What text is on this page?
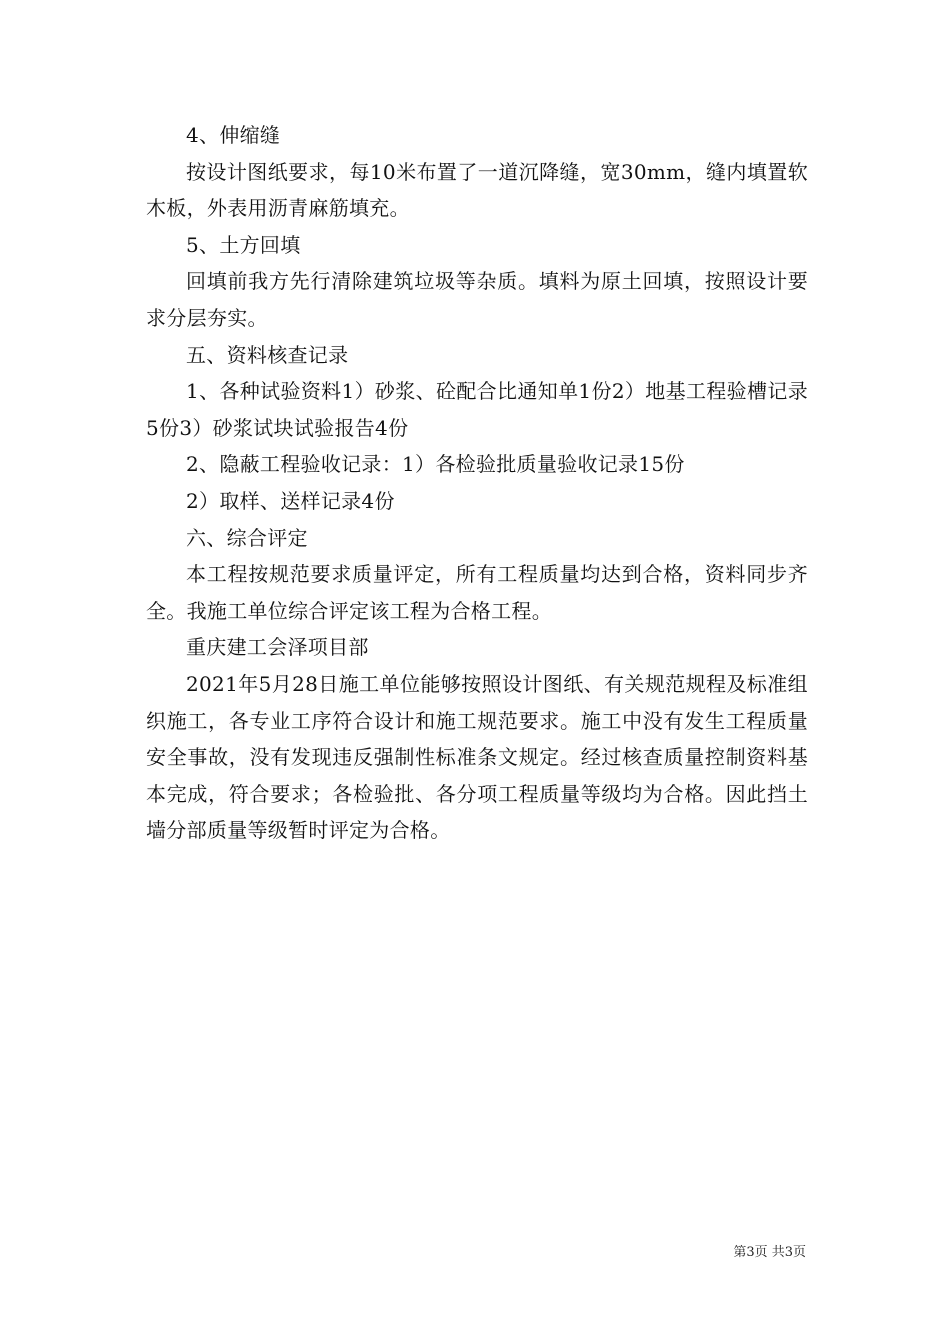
4、伸缩缝

按设计图纸要求，每10米布置了一道沉降缝，宽30mm，缝内填置软木板，外表用沥青麻筋填充。

5、土方回填

回填前我方先行清除建筑垃圾等杂质。填料为原土回填，按照设计要求分层夯实。

五、资料核查记录

1、各种试验资料1）砂浆、砼配合比通知单1份2）地基工程验槽记录5份3）砂浆试块试验报告4份

2、隐蔽工程验收记录：1）各检验批质量验收记录15份

2）取样、送样记录4份

六、综合评定

本工程按规范要求质量评定，所有工程质量均达到合格，资料同步齐全。我施工单位综合评定该工程为合格工程。

重庆建工会泽项目部

2021年5月28日施工单位能够按照设计图纸、有关规范规程及标准组织施工，各专业工序符合设计和施工规范要求。施工中没有发生工程质量安全事故，没有发现违反强制性标准条文规定。经过核查质量控制资料基本完成，符合要求；各检验批、各分项工程质量等级均为合格。因此挡土墙分部质量等级暂时评定为合格。

第3页 共3页
